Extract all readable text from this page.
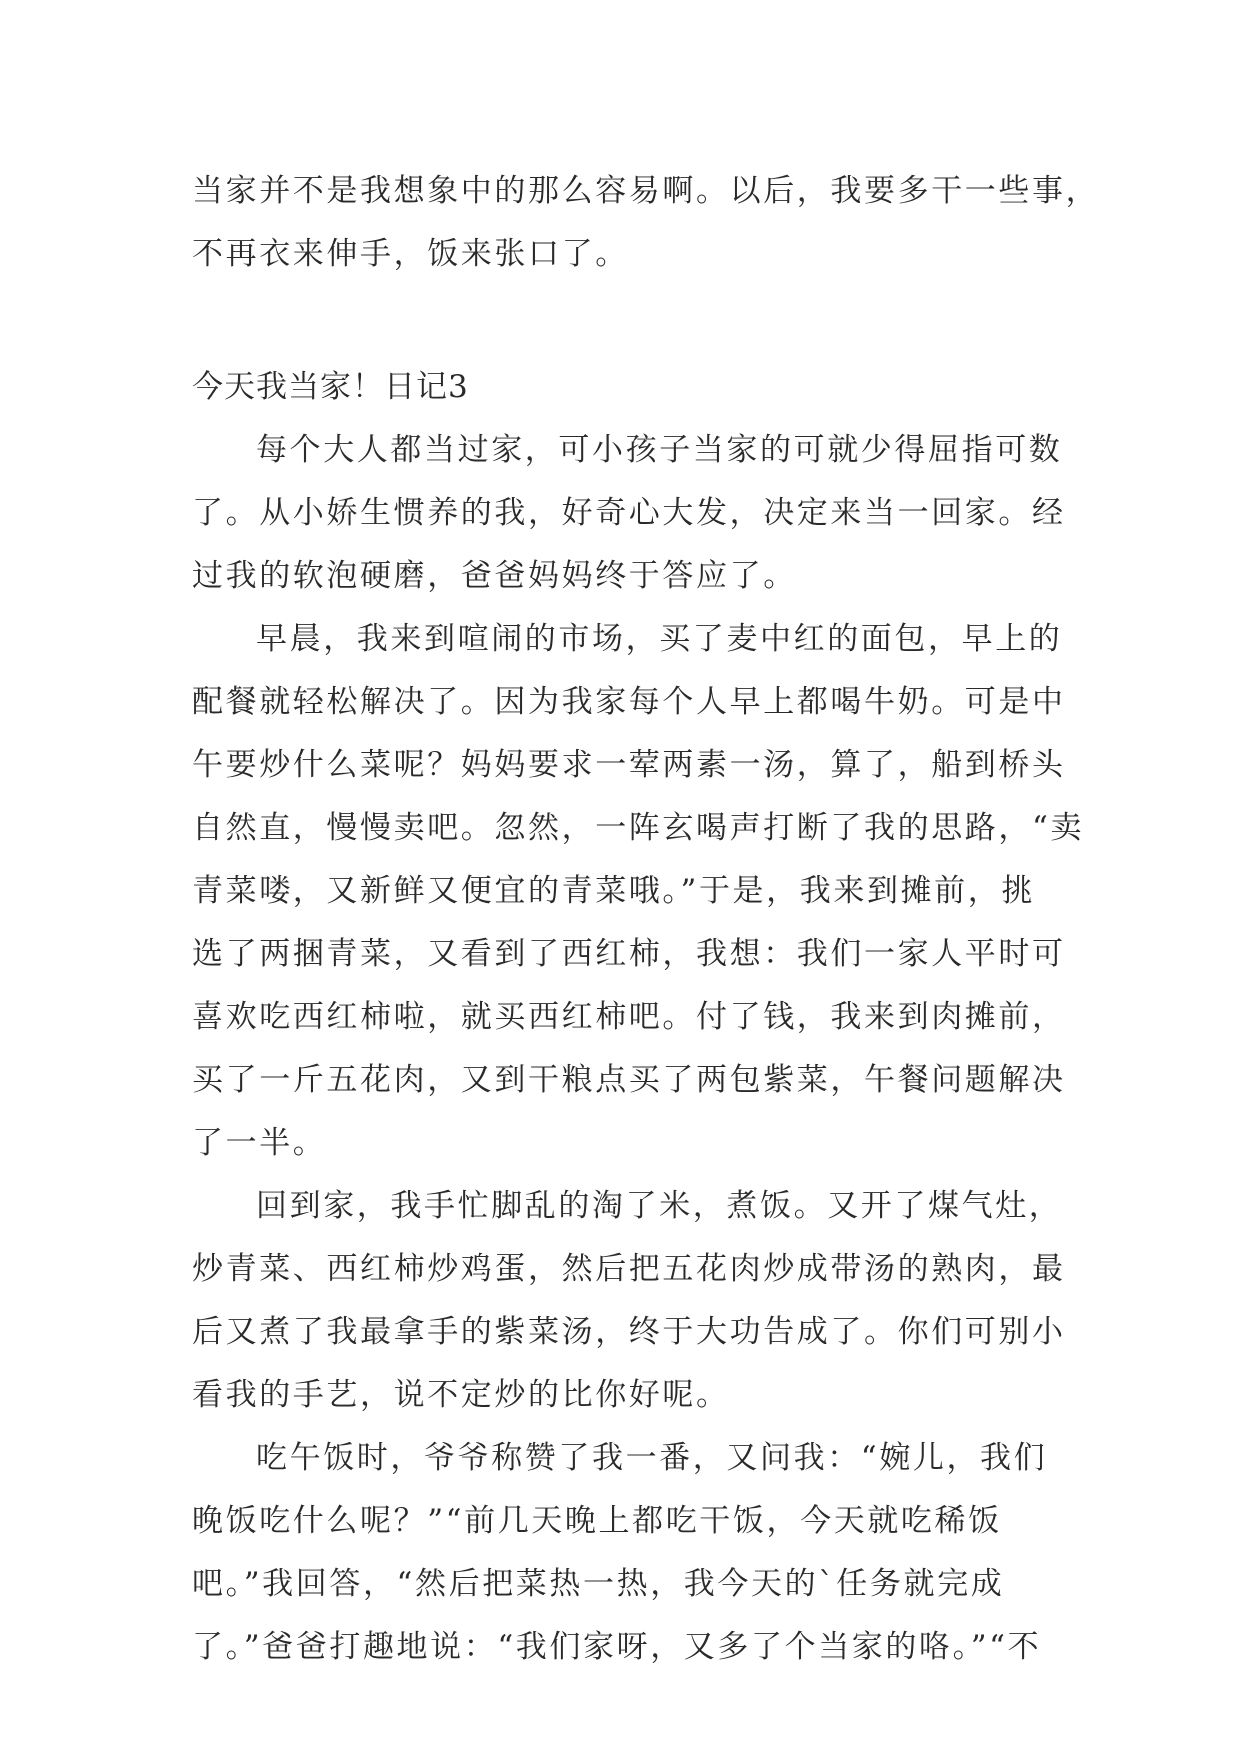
当家并不是我想象中的那么容易啊。以后，我要多干一些事，
不再衣来伸手，饭来张口了。
今天我当家！日记3
每个大人都当过家，可小孩子当家的可就少得屈指可数
了。从小娇生惯养的我，好奇心大发，决定来当一回家。经
过我的软泡硬磨，爸爸妈妈终于答应了。
早晨，我来到喧闹的市场，买了麦中红的面包，早上的
配餐就轻松解决了。因为我家每个人早上都喝牛奶。可是中
午要炒什么菜呢？妈妈要求一荤两素一汤，算了，船到桥头
自然直，慢慢卖吧。忽然，一阵玄喝声打断了我的思路，“卖
青菜喽，又新鲜又便宜的青菜哦。”于是，我来到摊前，挑
选了两捆青菜，又看到了西红柿，我想：我们一家人平时可
喜欢吃西红柿啦，就买西红柿吧。付了钱，我来到肉摊前，
买了一斤五花肉，又到干粮点买了两包紫菜，午餐问题解决
了一半。
回到家，我手忙脚乱的淘了米，煮饭。又开了煤气灶，
炒青菜、西红柿炒鸡蛋，然后把五花肉炒成带汤的熟肉，最
后又煮了我最拿手的紫菜汤，终于大功告成了。你们可别小
看我的手艺，说不定炒的比你好呢。
吃午饭时，爷爷称赞了我一番，又问我：“婉儿，我们
晚饭吃什么呢？”“前几天晚上都吃干饭，今天就吃稀饭
吧。”我回答，“然后把菜热一热，我今天的`任务就完成
了。”爸爸打趣地说：“我们家呀，又多了个当家的咯。”“不
